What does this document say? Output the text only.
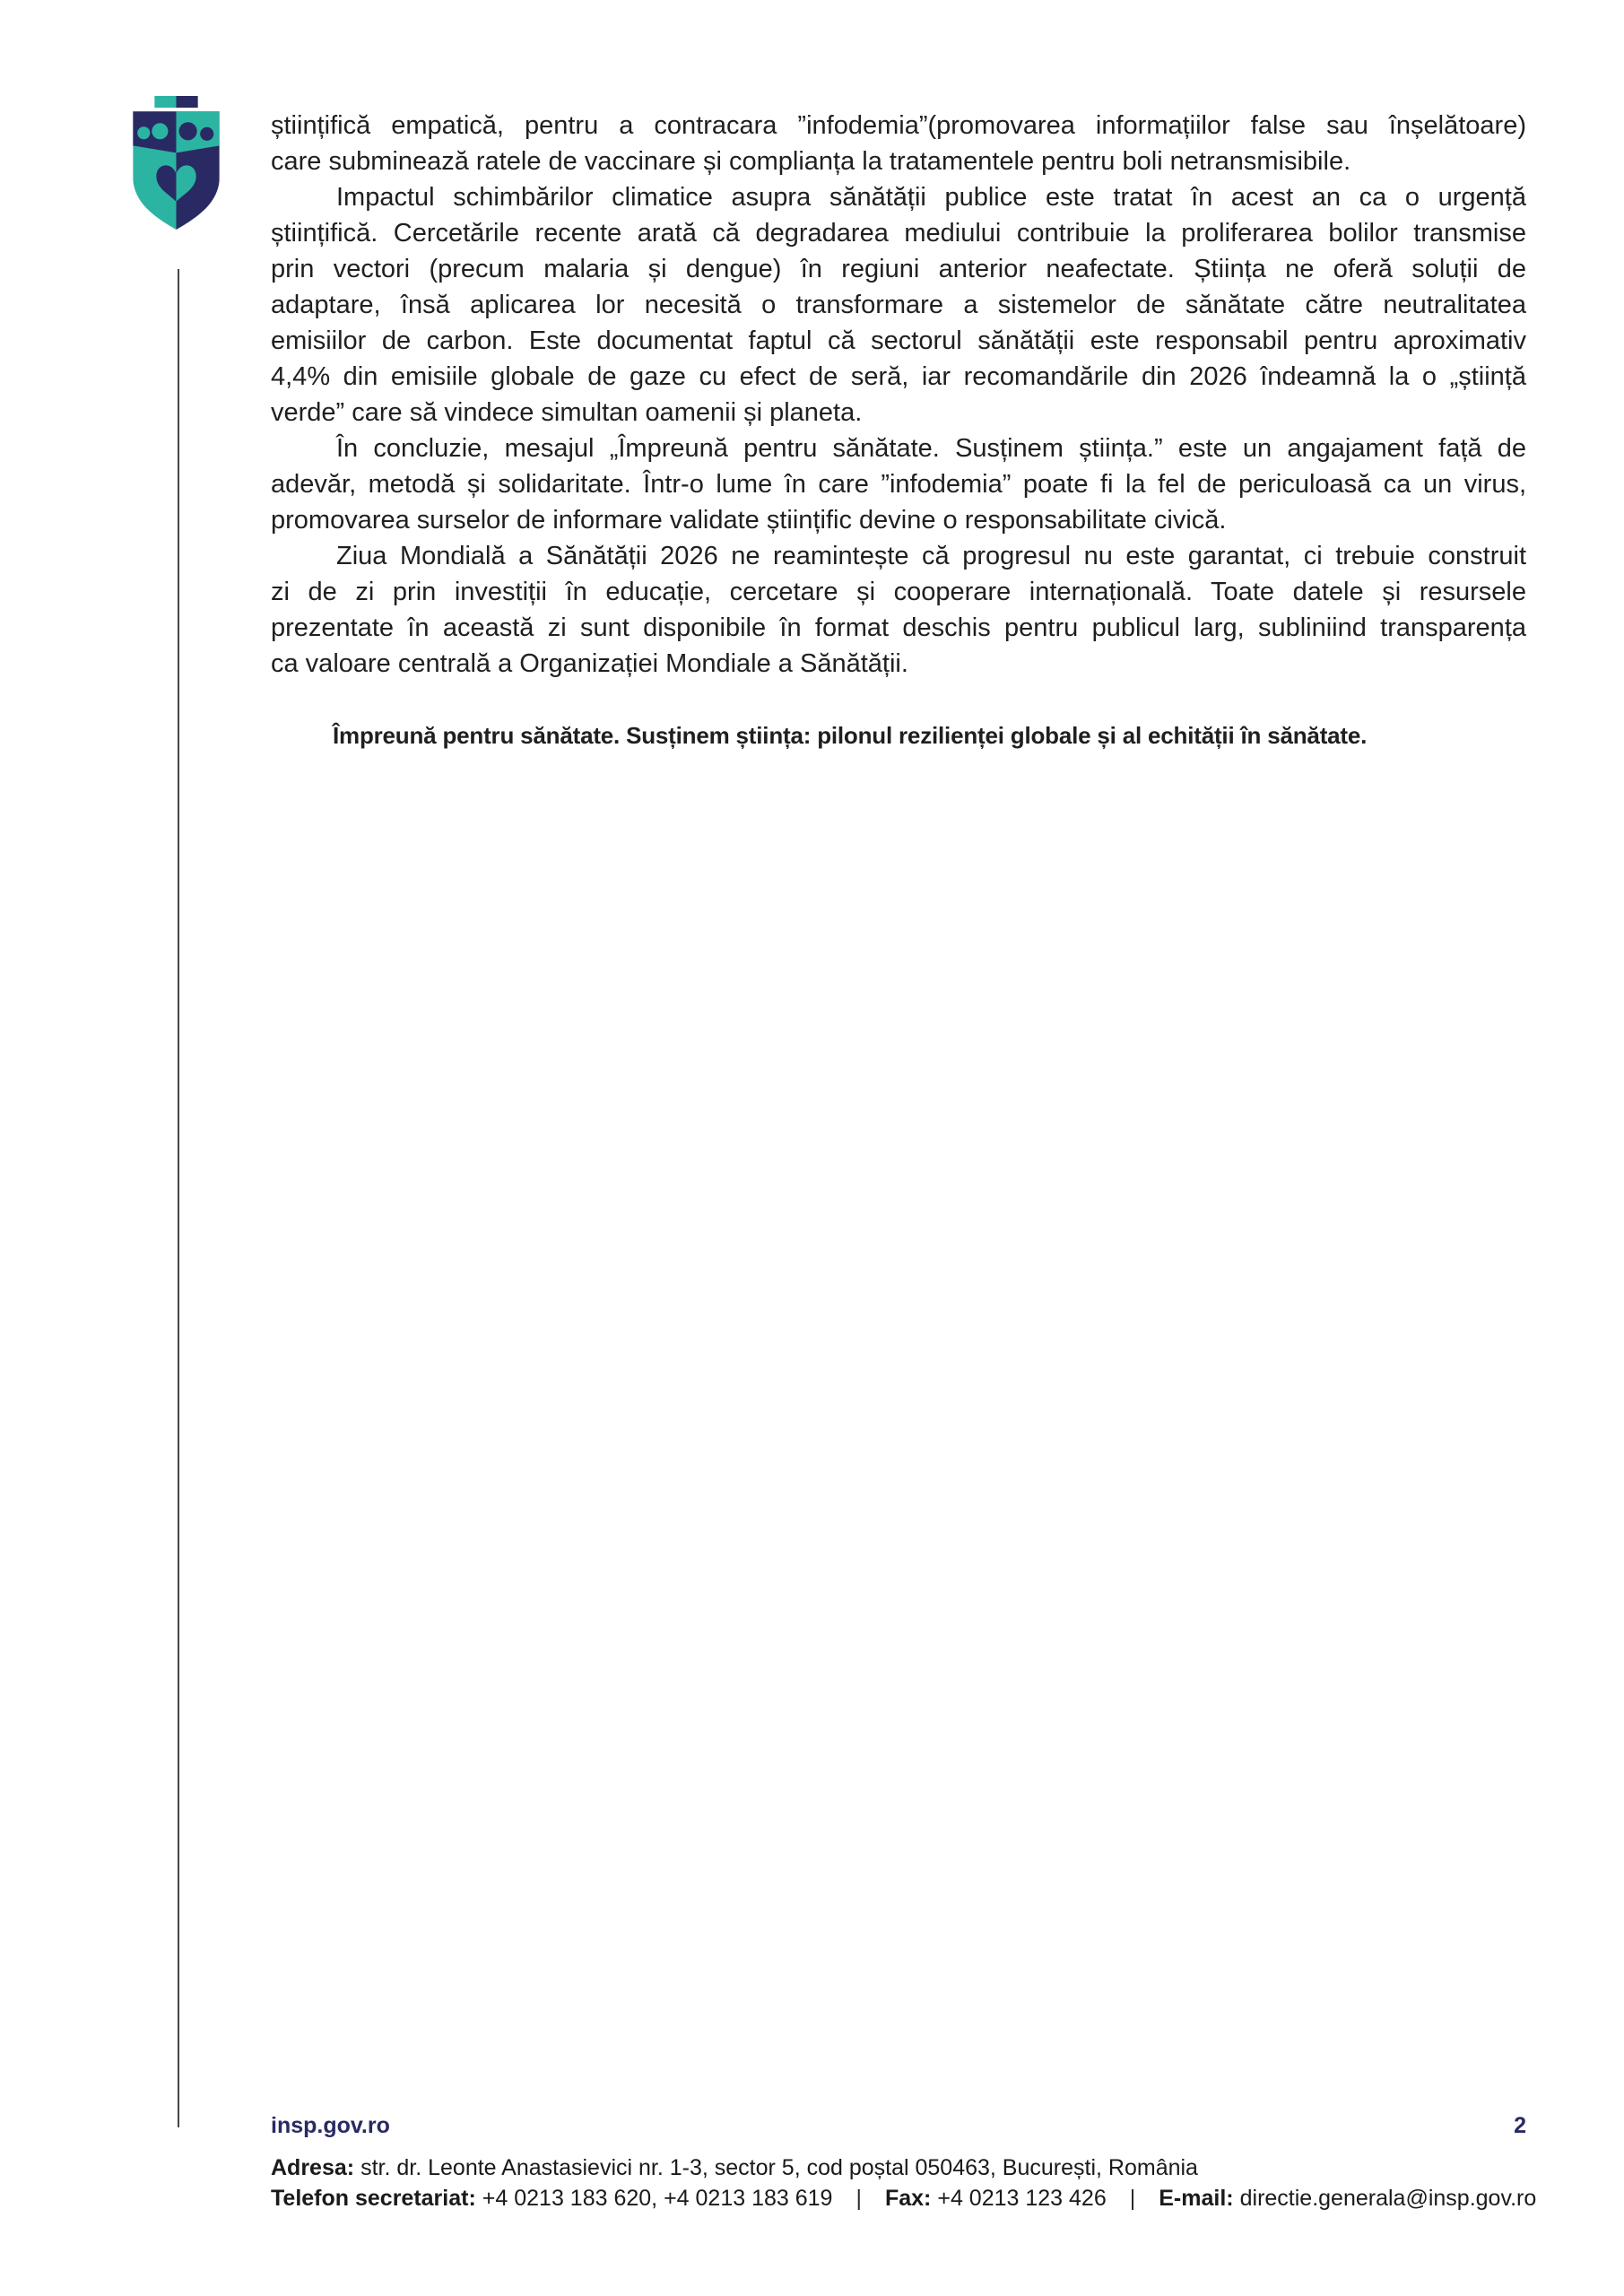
științifică empatică, pentru a contracara ”infodemia”(promovarea informațiilor false sau înșelătoare)
care subminează ratele de vaccinare și complianța la tratamentele pentru boli netransmisibile.
Impactul schimbărilor climatice asupra sănătății publice este tratat în acest an ca o urgență
științifică. Cercetările recente arată că degradarea mediului contribuie la proliferarea bolilor transmise
prin vectori (precum malaria și dengue) în regiuni anterior neafectate. Știința ne oferă soluții de
adaptare, însă aplicarea lor necesită o transformare a sistemelor de sănătate către neutralitatea
emisiilor de carbon. Este documentat faptul că sectorul sănătății este responsabil pentru aproximativ
4,4% din emisiile globale de gaze cu efect de seră, iar recomandările din 2026 îndeamnă la o „știință
verde” care să vindece simultan oamenii și planeta.
În concluzie, mesajul „Împreună pentru sănătate. Susținem știința.” este un angajament față de
adevăr, metodă și solidaritate. Într-o lume în care ”infodemia” poate fi la fel de periculoasă ca un virus,
promovarea surselor de informare validate științific devine o responsabilitate civică.
Ziua Mondială a Sănătății 2026 ne reamintește că progresul nu este garantat, ci trebuie construit
zi de zi prin investiții în educație, cercetare și cooperare internațională. Toate datele și resursele
prezentate în această zi sunt disponibile în format deschis pentru publicul larg, subliniind transparența
ca valoare centrală a Organizației Mondiale a Sănătății.
Împreună pentru sănătate. Susținem știința: pilonul rezilienței globale și al echității în sănătate.
insp.gov.ro	2
Adresa: str. dr. Leonte Anastasievici nr. 1-3, sector 5, cod poștal 050463, București, România
Telefon secretariat: +4 0213 183 620, +4 0213 183 619 | Fax: +4 0213 123 426 | E-mail: directie.generala@insp.gov.ro
